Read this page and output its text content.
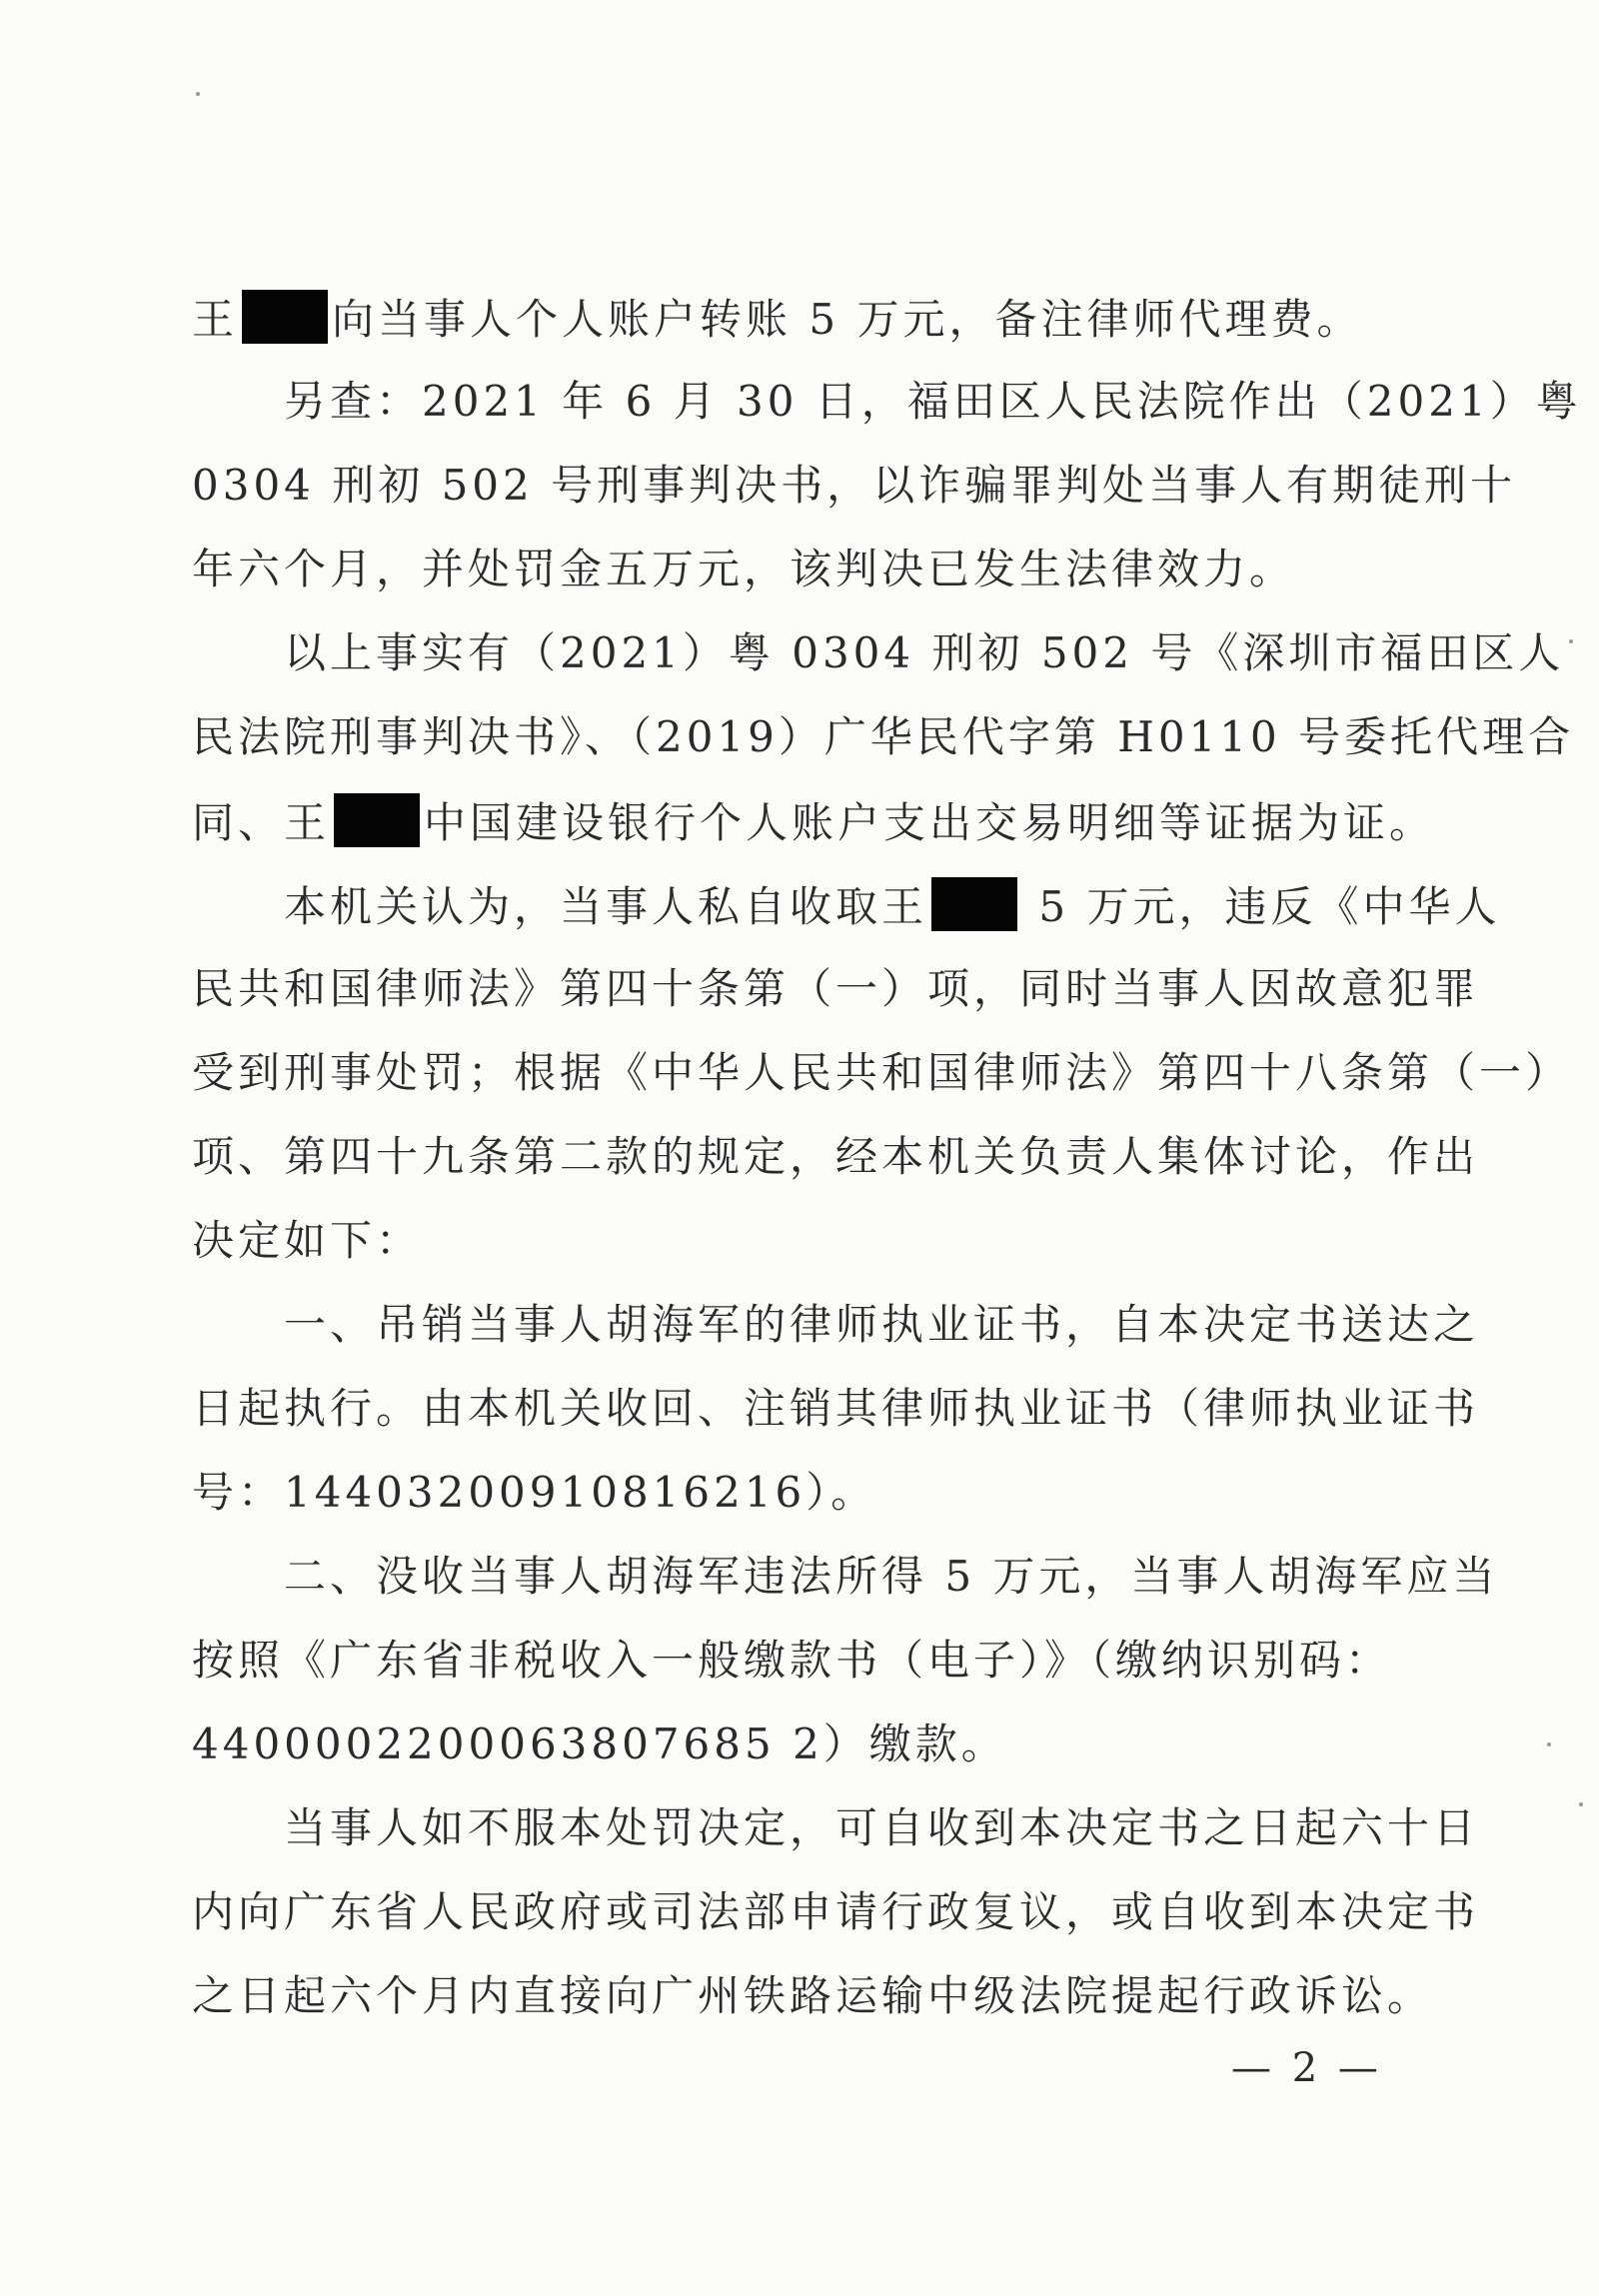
王 向当事人个人账户转账 5 万元，备注律师代理费。
　　另查：2021 年 6 月 30 日，福田区人民法院作出（2021）粤
0304 刑初 502 号刑事判决书，以诈骗罪判处当事人有期徒刑十
年六个月，并处罚金五万元，该判决已发生法律效力。
　　以上事实有（2021）粤 0304 刑初 502 号《深圳市福田区人
民法院刑事判决书》、（2019）广华民代字第 H0110 号委托代理合
同、王 中国建设银行个人账户支出交易明细等证据为证。
　　本机关认为，当事人私自收取王 5 万元，违反《中华人
民共和国律师法》第四十条第（一）项，同时当事人因故意犯罪
受到刑事处罚；根据《中华人民共和国律师法》第四十八条第（一）
项、第四十九条第二款的规定，经本机关负责人集体讨论，作出
决定如下：
　　一、吊销当事人胡海军的律师执业证书，自本决定书送达之
日起执行。由本机关收回、注销其律师执业证书（律师执业证书
号：14403200910816216）。
　　二、没收当事人胡海军违法所得 5 万元，当事人胡海军应当
按照《广东省非税收入一般缴款书（电子）》（缴纳识别码：
4400002200063807685 2）缴款。
　　当事人如不服本处罚决定，可自收到本决定书之日起六十日
内向广东省人民政府或司法部申请行政复议，或自收到本决定书
之日起六个月内直接向广州铁路运输中级法院提起行政诉讼。
— 2 —
